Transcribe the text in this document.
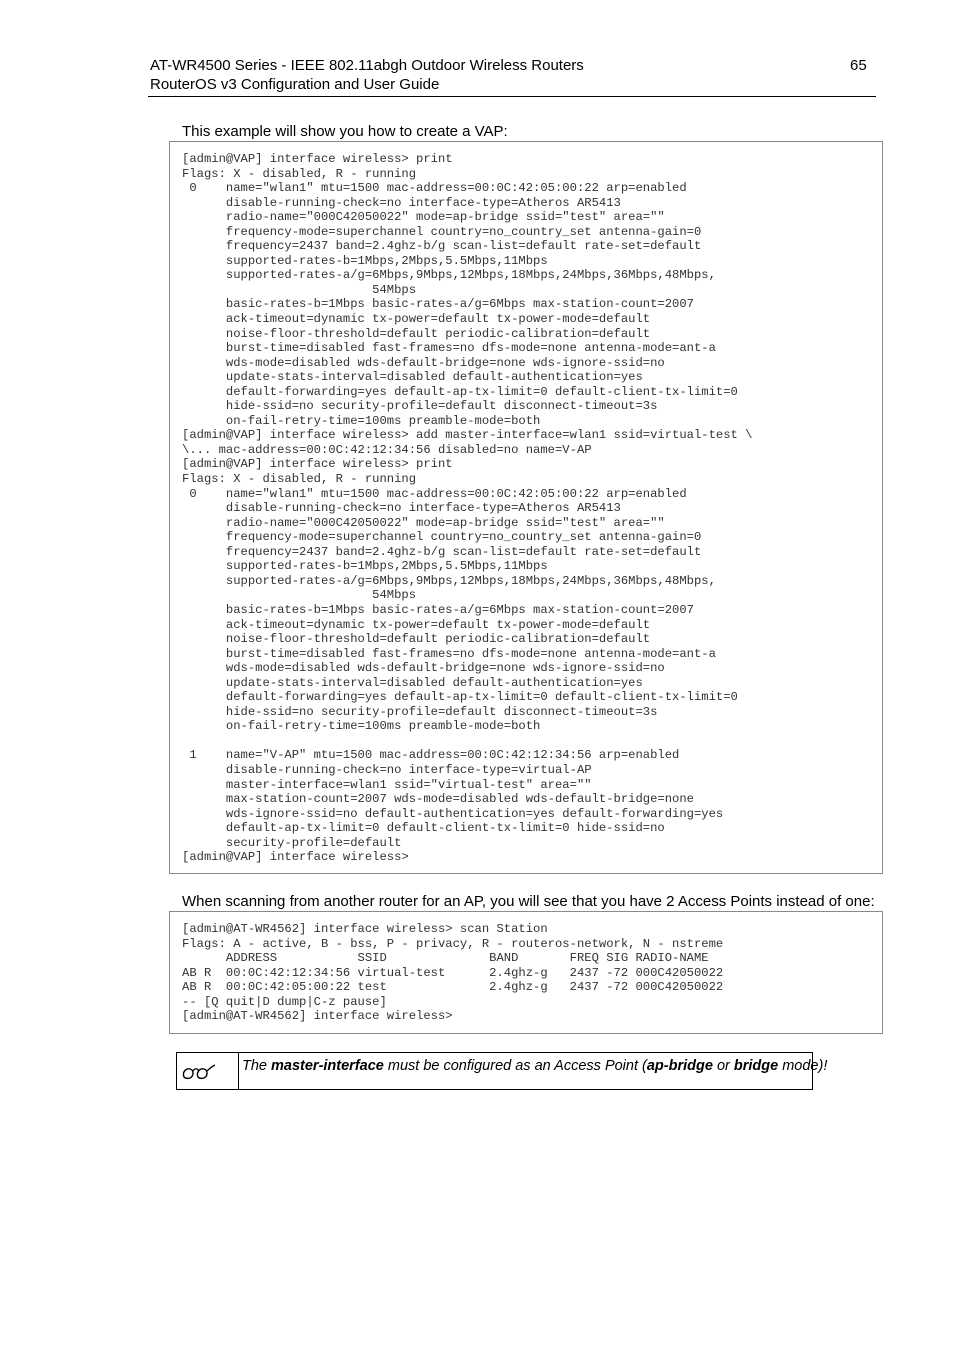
AT-WR4500 Series - IEEE 802.11abgh Outdoor Wireless Routers	65
RouterOS v3 Configuration and User Guide
This example will show you how to create a VAP:
[admin@VAP] interface wireless> print
Flags: X - disabled, R - running
0    name="wlan1" mtu=1500 mac-address=00:0C:42:05:00:22 arp=enabled
disable-running-check=no interface-type=Atheros AR5413
radio-name="000C42050022" mode=ap-bridge ssid="test" area=""
frequency-mode=superchannel country=no_country_set antenna-gain=0
frequency=2437 band=2.4ghz-b/g scan-list=default rate-set=default
supported-rates-b=1Mbps,2Mbps,5.5Mbps,11Mbps
supported-rates-a/g=6Mbps,9Mbps,12Mbps,18Mbps,24Mbps,36Mbps,48Mbps,
54Mbps
basic-rates-b=1Mbps basic-rates-a/g=6Mbps max-station-count=2007
ack-timeout=dynamic tx-power=default tx-power-mode=default
noise-floor-threshold=default periodic-calibration=default
burst-time=disabled fast-frames=no dfs-mode=none antenna-mode=ant-a
wds-mode=disabled wds-default-bridge=none wds-ignore-ssid=no
update-stats-interval=disabled default-authentication=yes
default-forwarding=yes default-ap-tx-limit=0 default-client-tx-limit=0
hide-ssid=no security-profile=default disconnect-timeout=3s
on-fail-retry-time=100ms preamble-mode=both
[admin@VAP] interface wireless> add master-interface=wlan1 ssid=virtual-test \
\... mac-address=00:0C:42:12:34:56 disabled=no name=V-AP
[admin@VAP] interface wireless> print
Flags: X - disabled, R - running
0    name="wlan1" mtu=1500 mac-address=00:0C:42:05:00:22 arp=enabled
disable-running-check=no interface-type=Atheros AR5413
radio-name="000C42050022" mode=ap-bridge ssid="test" area=""
frequency-mode=superchannel country=no_country_set antenna-gain=0
frequency=2437 band=2.4ghz-b/g scan-list=default rate-set=default
supported-rates-b=1Mbps,2Mbps,5.5Mbps,11Mbps
supported-rates-a/g=6Mbps,9Mbps,12Mbps,18Mbps,24Mbps,36Mbps,48Mbps,
54Mbps
basic-rates-b=1Mbps basic-rates-a/g=6Mbps max-station-count=2007
ack-timeout=dynamic tx-power=default tx-power-mode=default
noise-floor-threshold=default periodic-calibration=default
burst-time=disabled fast-frames=no dfs-mode=none antenna-mode=ant-a
wds-mode=disabled wds-default-bridge=none wds-ignore-ssid=no
update-stats-interval=disabled default-authentication=yes
default-forwarding=yes default-ap-tx-limit=0 default-client-tx-limit=0
hide-ssid=no security-profile=default disconnect-timeout=3s
on-fail-retry-time=100ms preamble-mode=both

1    name="V-AP" mtu=1500 mac-address=00:0C:42:12:34:56 arp=enabled
disable-running-check=no interface-type=virtual-AP
master-interface=wlan1 ssid="virtual-test" area=""
max-station-count=2007 wds-mode=disabled wds-default-bridge=none
wds-ignore-ssid=no default-authentication=yes default-forwarding=yes
default-ap-tx-limit=0 default-client-tx-limit=0 hide-ssid=no
security-profile=default
[admin@VAP] interface wireless>
When scanning from another router for an AP, you will see that you have 2 Access Points instead of one:
[admin@AT-WR4562] interface wireless> scan Station
Flags: A - active, B - bss, P - privacy, R - routeros-network, N - nstreme
ADDRESS           SSID              BAND       FREQ SIG RADIO-NAME
AB R  00:0C:42:12:34:56 virtual-test      2.4ghz-g   2437 -72 000C42050022
AB R  00:0C:42:05:00:22 test              2.4ghz-g   2437 -72 000C42050022
-- [Q quit|D dump|C-z pause]
[admin@AT-WR4562] interface wireless>
The master-interface must be configured as an Access Point (ap-bridge or bridge mode)!
